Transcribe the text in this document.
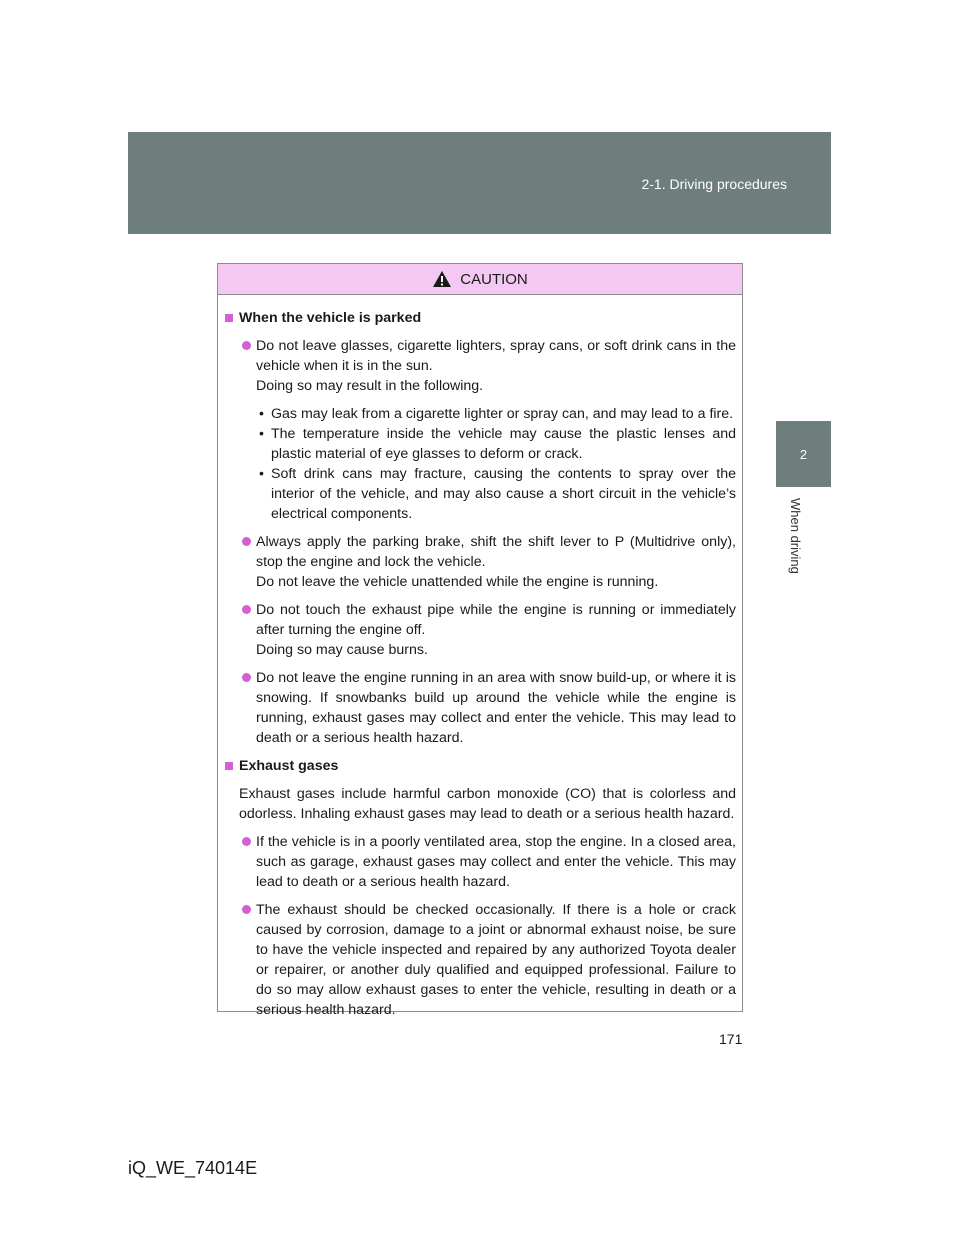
2-1. Driving procedures
2
When driving
CAUTION

When the vehicle is parked

Do not leave glasses, cigarette lighters, spray cans, or soft drink cans in the vehicle when it is in the sun.
Doing so may result in the following.
• Gas may leak from a cigarette lighter or spray can, and may lead to a fire.
• The temperature inside the vehicle may cause the plastic lenses and plastic material of eye glasses to deform or crack.
• Soft drink cans may fracture, causing the contents to spray over the interior of the vehicle, and may also cause a short circuit in the vehicle’s electrical components.
Always apply the parking brake, shift the shift lever to P (Multidrive only), stop the engine and lock the vehicle.
Do not leave the vehicle unattended while the engine is running.
Do not touch the exhaust pipe while the engine is running or immediately after turning the engine off.
Doing so may cause burns.
Do not leave the engine running in an area with snow build-up, or where it is snowing. If snowbanks build up around the vehicle while the engine is running, exhaust gases may collect and enter the vehicle. This may lead to death or a serious health hazard.

Exhaust gases

Exhaust gases include harmful carbon monoxide (CO) that is colorless and odorless. Inhaling exhaust gases may lead to death or a serious health hazard.

If the vehicle is in a poorly ventilated area, stop the engine. In a closed area, such as garage, exhaust gases may collect and enter the vehicle. This may lead to death or a serious health hazard.
The exhaust should be checked occasionally. If there is a hole or crack caused by corrosion, damage to a joint or abnormal exhaust noise, be sure to have the vehicle inspected and repaired by any authorized Toyota dealer or repairer, or another duly qualified and equipped professional. Failure to do so may allow exhaust gases to enter the vehicle, resulting in death or a serious health hazard.
171
iQ_WE_74014E
